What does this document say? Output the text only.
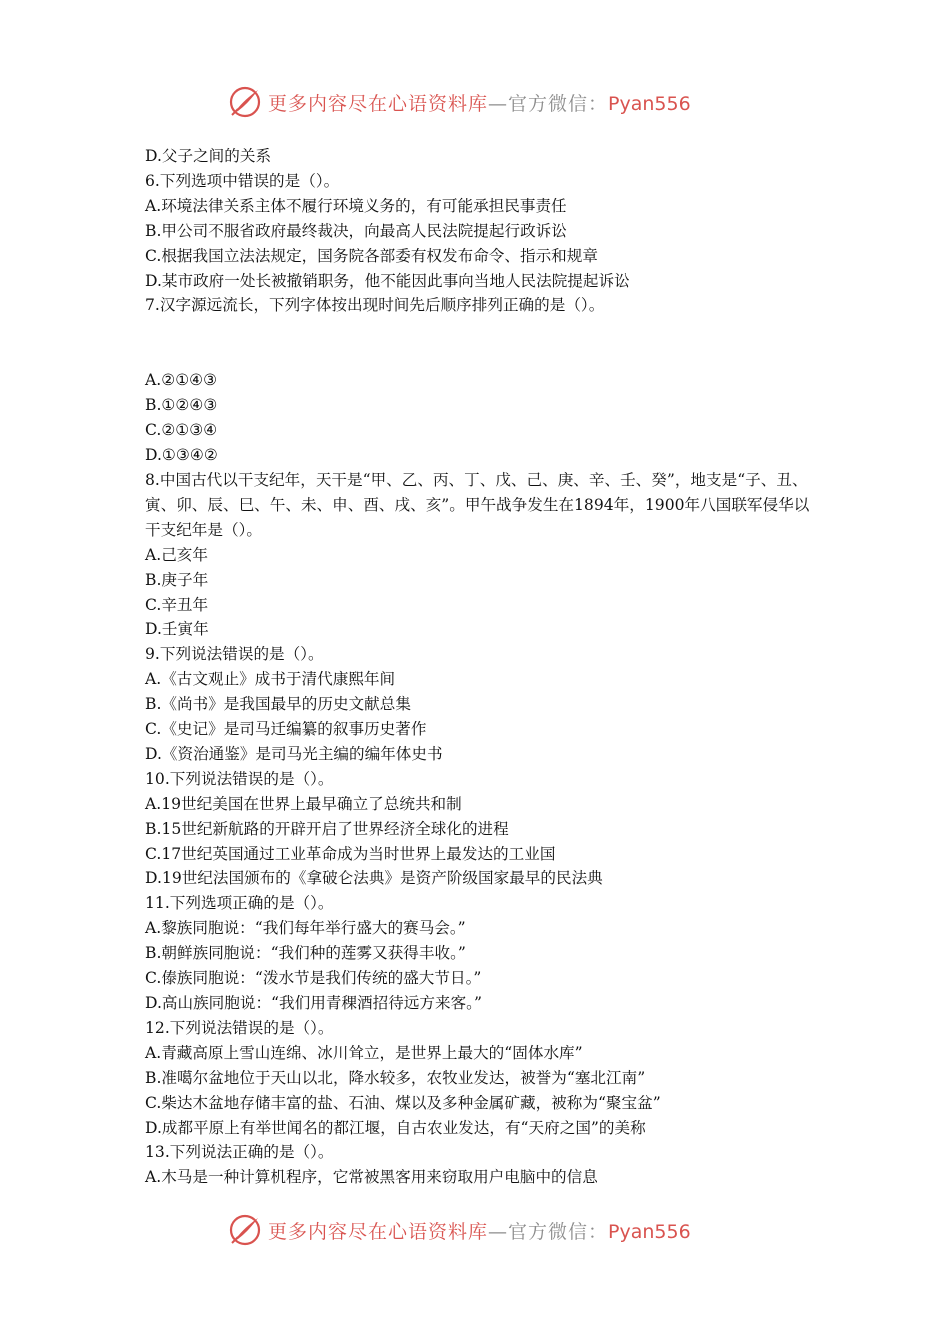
更多内容尽在心语资料库—官方微信：Pyan556
D.父子之间的关系
6.下列选项中错误的是（）。
A.环境法律关系主体不履行环境义务的，有可能承担民事责任
B.甲公司不服省政府最终裁决，向最高人民法院提起行政诉讼
C.根据我国立法法规定，国务院各部委有权发布命令、指示和规章
D.某市政府一处长被撤销职务，他不能因此事向当地人民法院提起诉讼
7.汉字源远流长，下列字体按出现时间先后顺序排列正确的是（）。
A.②①④③
B.①②④③
C.②①③④
D.①③④②
8.中国古代以干支纪年，天干是“甲、乙、丙、丁、戊、己、庚、辛、壬、癸”，地支是“子、丑、寅、卯、辰、巳、午、未、申、酉、戌、亥”。甲午战争发生在1894年，1900年八国联军侵华以干支纪年是（）。
A.己亥年
B.庚子年
C.辛丑年
D.壬寅年
9.下列说法错误的是（）。
A.《古文观止》成书于清代康熙年间
B.《尚书》是我国最早的历史文献总集
C.《史记》是司马迁编纂的叙事历史著作
D.《资治通鉴》是司马光主编的编年体史书
10.下列说法错误的是（）。
A.19世纪美国在世界上最早确立了总统共和制
B.15世纪新航路的开辟开启了世界经济全球化的进程
C.17世纪英国通过工业革命成为当时世界上最发达的工业国
D.19世纪法国颁布的《拿破仑法典》是资产阶级国家最早的民法典
11.下列选项正确的是（）。
A.黎族同胞说：“我们每年举行盛大的赛马会。”
B.朝鲜族同胞说：“我们种的莲雾又获得丰收。”
C.傣族同胞说：“泼水节是我们传统的盛大节日。”
D.高山族同胞说：“我们用青稞酒招待远方来客。”
12.下列说法错误的是（）。
A.青藏高原上雪山连绵、冰川耸立，是世界上最大的“固体水库”
B.准噶尔盆地位于天山以北，降水较多，农牧业发达，被誉为“塞北江南”
C.柴达木盆地存储丰富的盐、石油、煤以及多种金属矿藏，被称为“聚宝盆”
D.成都平原上有举世闻名的都江堰，自古农业发达，有“天府之国”的美称
13.下列说法正确的是（）。
A.木马是一种计算机程序，它常被黑客用来窃取用户电脑中的信息
更多内容尽在心语资料库—官方微信：Pyan556
